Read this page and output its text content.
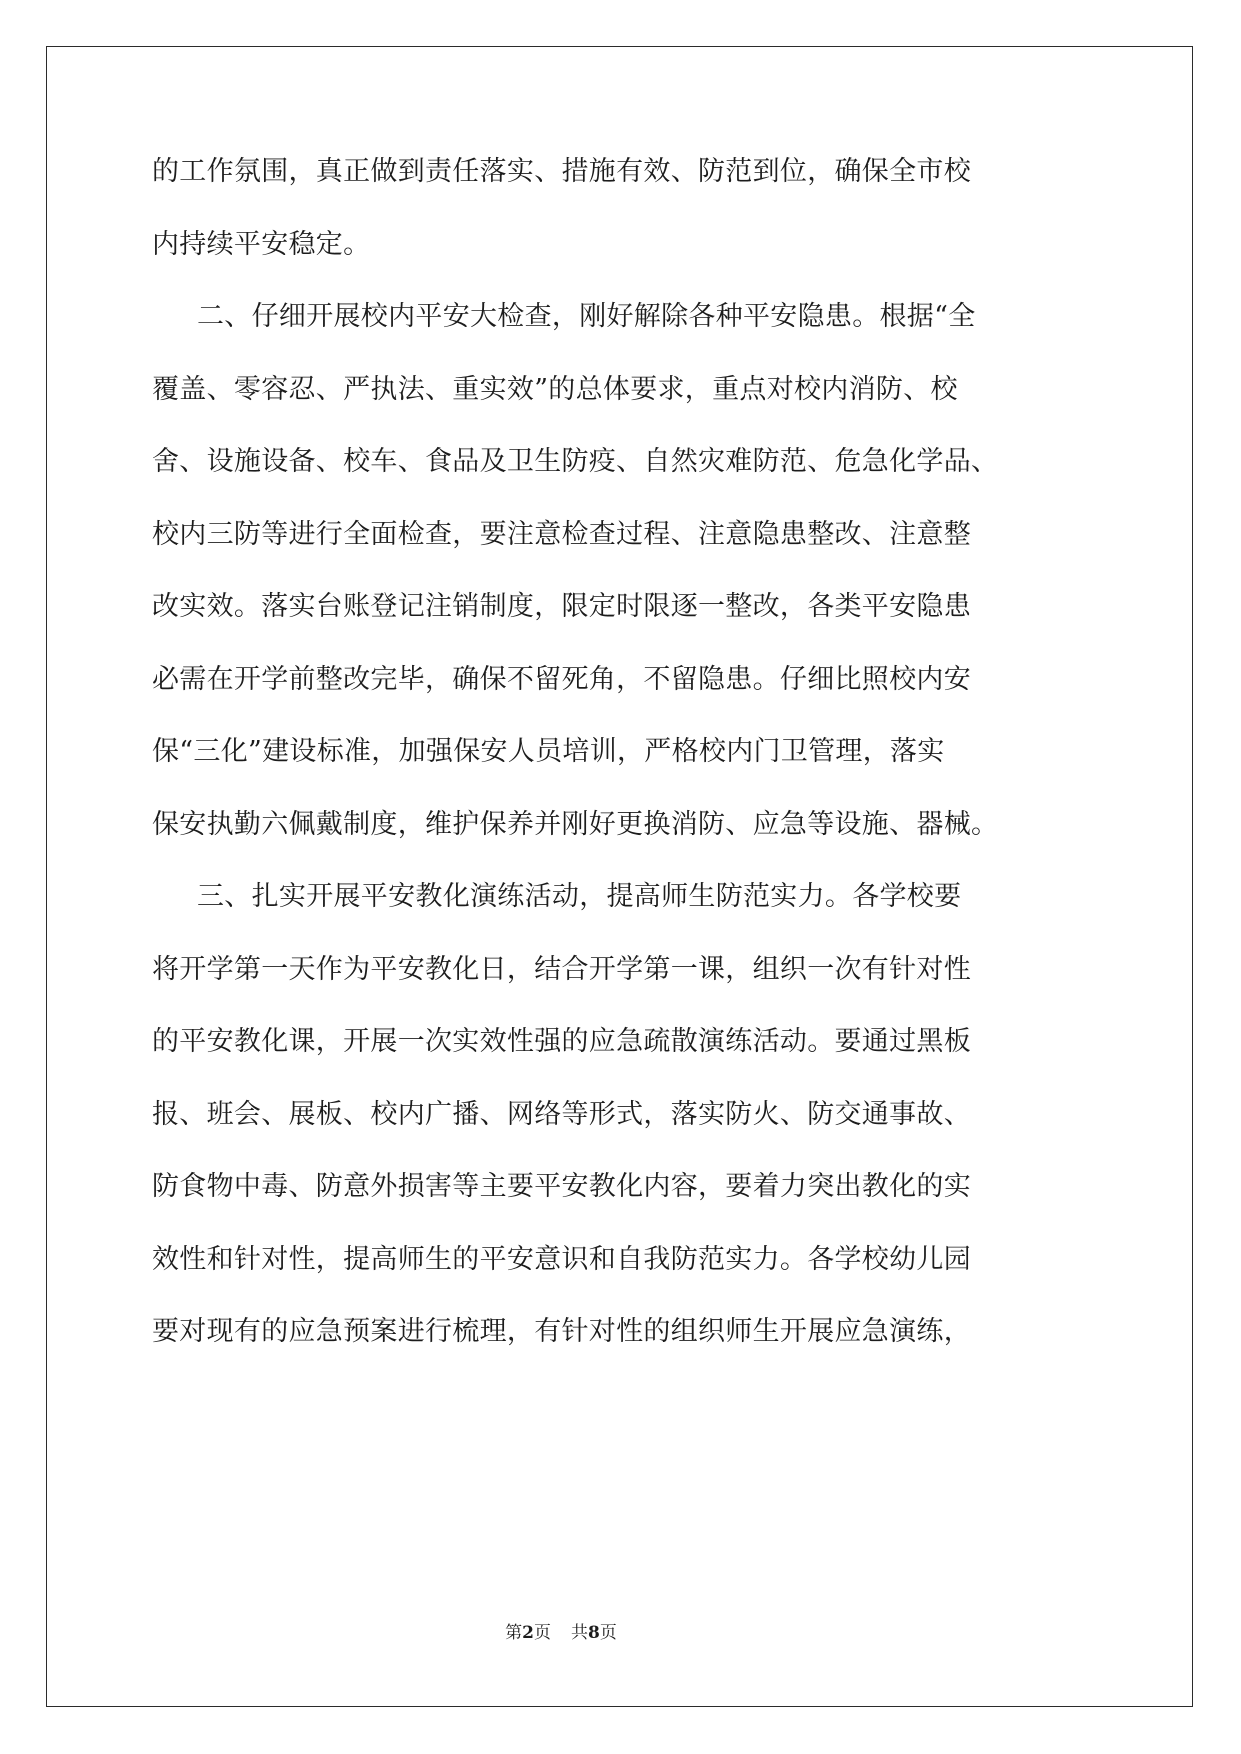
的工作氛围，真正做到责任落实、措施有效、防范到位，确保全市校
内持续平安稳定。
二、仔细开展校内平安大检查，刚好解除各种平安隐患。根据“全
覆盖、零容忍、严执法、重实效”的总体要求，重点对校内消防、校
舍、设施设备、校车、食品及卫生防疫、自然灾难防范、危急化学品、
校内三防等进行全面检查，要注意检查过程、注意隐患整改、注意整
改实效。落实台账登记注销制度，限定时限逐一整改，各类平安隐患
必需在开学前整改完毕，确保不留死角，不留隐患。仔细比照校内安
保“三化”建设标准，加强保安人员培训，严格校内门卫管理，落实
保安执勤六佩戴制度，维护保养并刚好更换消防、应急等设施、器械。
三、扎实开展平安教化演练活动，提高师生防范实力。各学校要
将开学第一天作为平安教化日，结合开学第一课，组织一次有针对性
的平安教化课，开展一次实效性强的应急疏散演练活动。要通过黑板
报、班会、展板、校内广播、网络等形式，落实防火、防交通事故、
防食物中毒、防意外损害等主要平安教化内容，要着力突出教化的实
效性和针对性，提高师生的平安意识和自我防范实力。各学校幼儿园
要对现有的应急预案进行梳理，有针对性的组织师生开展应急演练，
第2页 共8页
